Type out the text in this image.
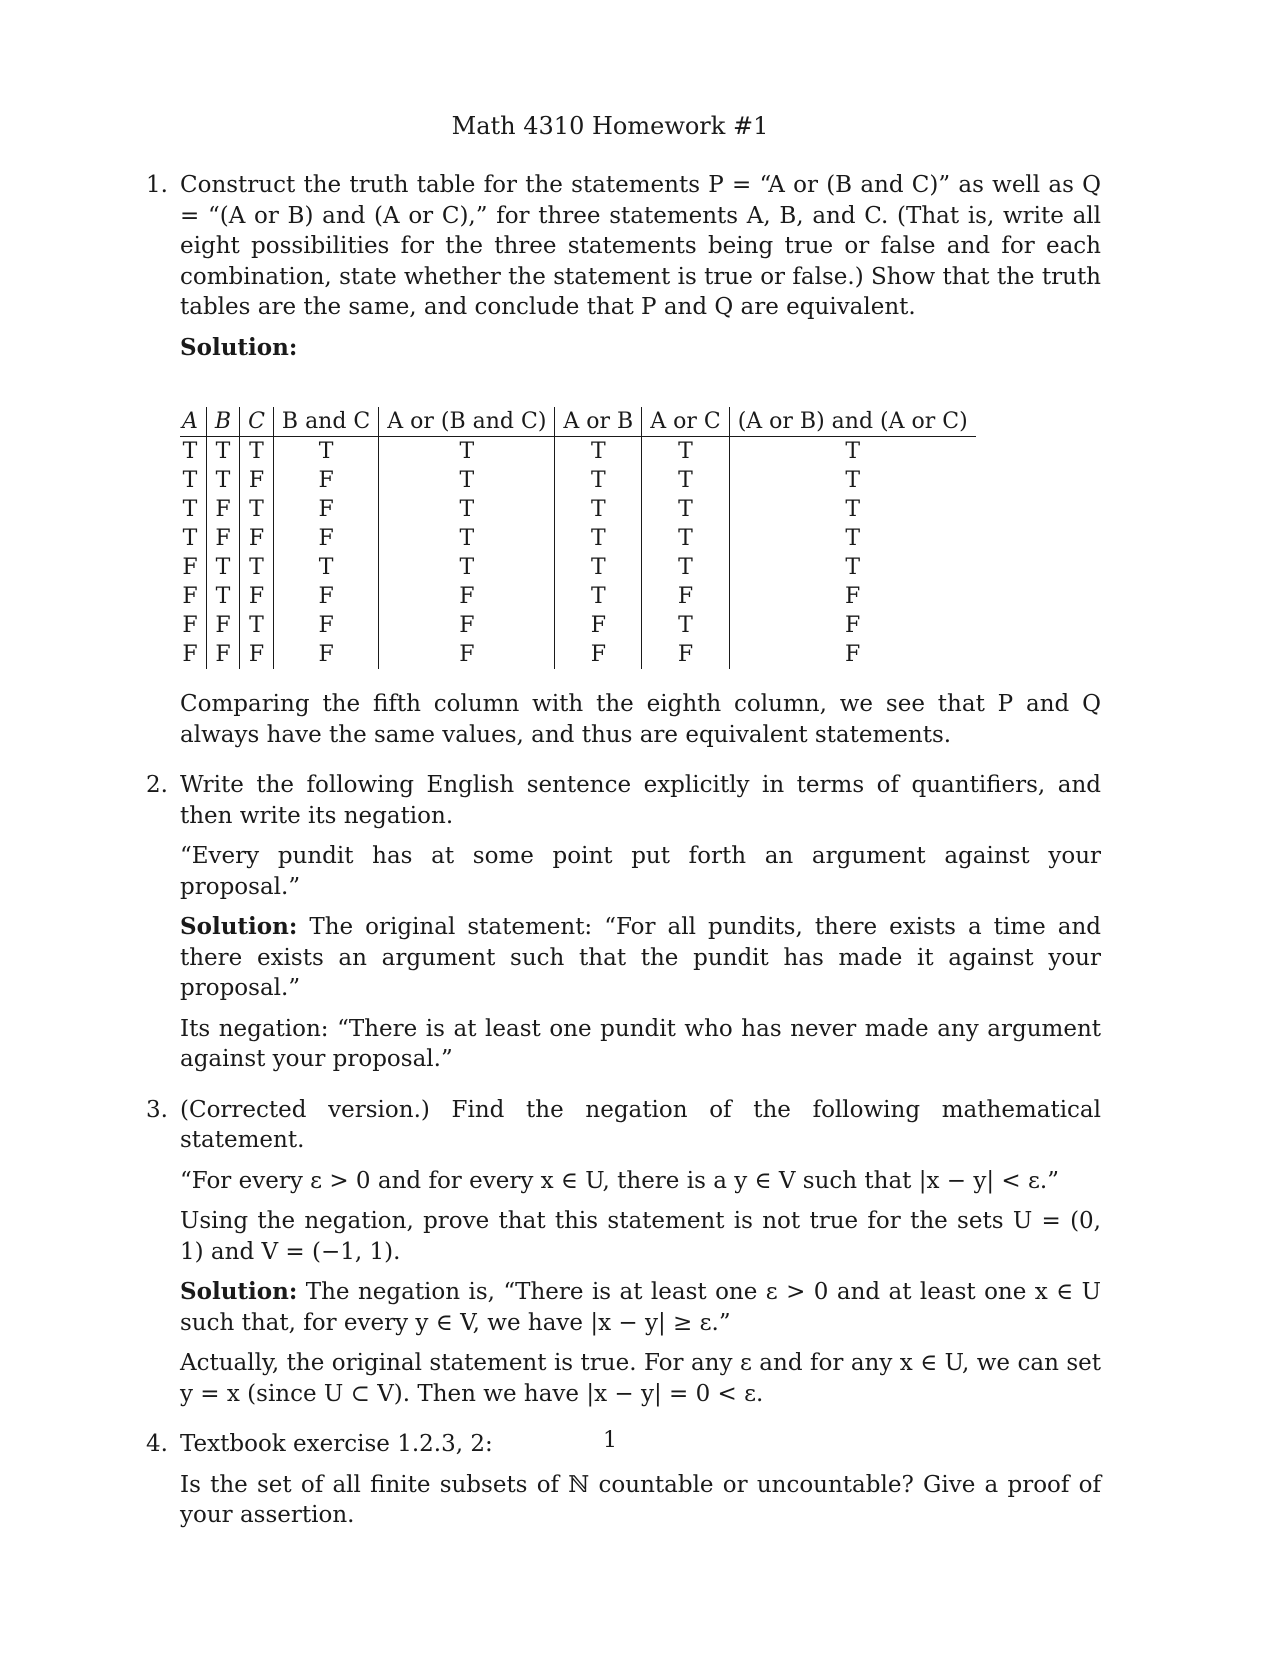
Math 4310 Homework #1
1. Construct the truth table for the statements P = “A or (B and C)” as well as Q = “(A or B) and (A or C),” for three statements A, B, and C. (That is, write all eight possibilities for the three statements being true or false and for each combination, state whether the statement is true or false.) Show that the truth tables are the same, and conclude that P and Q are equivalent.

Solution:
A	B	C	B and C	A or (B and C)	A or B	A or C	(A or B) and (A or C)
T	T	T	T	T	T	T	T
T	T	F	F	T	T	T	T
T	F	T	F	T	T	T	T
T	F	F	F	T	T	T	T
F	T	T	T	T	T	T	T
F	T	F	F	F	T	F	F
F	F	T	F	F	F	T	F
F	F	F	F	F	F	F	F

Comparing the fifth column with the eighth column, we see that P and Q always have the same values, and thus are equivalent statements.

2. Write the following English sentence explicitly in terms of quantifiers, and then write its negation.

“Every pundit has at some point put forth an argument against your proposal.”

Solution: The original statement: “For all pundits, there exists a time and there exists an argument such that the pundit has made it against your proposal.”

Its negation: “There is at least one pundit who has never made any argument against your proposal.”

3. (Corrected version.) Find the negation of the following mathematical statement.

“For every ε > 0 and for every x ∈ U, there is a y ∈ V such that |x − y| < ε.”

Using the negation, prove that this statement is not true for the sets U = (0, 1) and V = (−1, 1).

Solution: The negation is, “There is at least one ε > 0 and at least one x ∈ U such that, for every y ∈ V, we have |x − y| ≥ ε.”

Actually, the original statement is true. For any ε and for any x ∈ U, we can set y = x (since U ⊂ V). Then we have |x − y| = 0 < ε.

4. Textbook exercise 1.2.3, 2:

Is the set of all finite subsets of ℕ countable or uncountable? Give a proof of your assertion.

1
